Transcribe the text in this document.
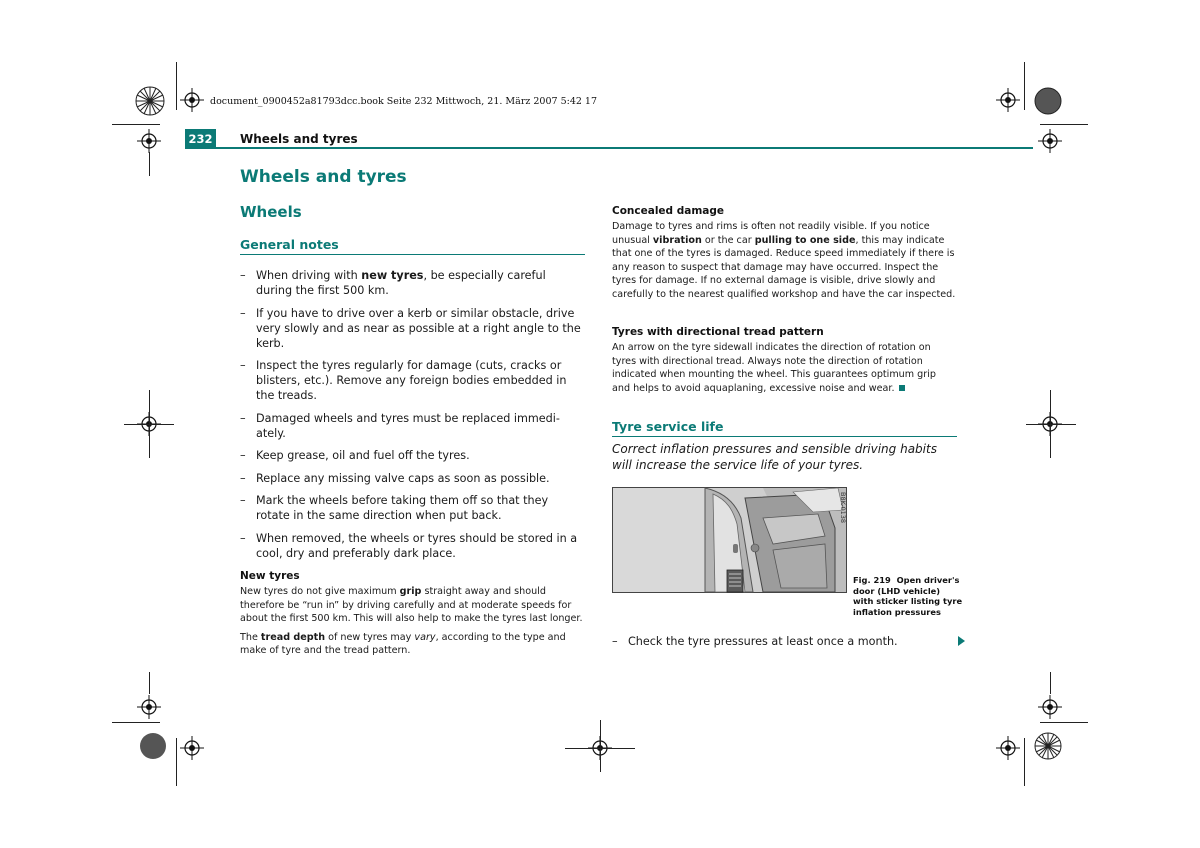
document_0900452a81793dcc.book Seite 232 Mittwoch, 21. März 2007 5:42 17
232 Wheels and tyres
Wheels and tyres
Wheels
General notes
– When driving with new tyres, be especially careful during the first 500 km.
– If you have to drive over a kerb or similar obstacle, drive very slowly and as near as possible at a right angle to the kerb.
– Inspect the tyres regularly for damage (cuts, cracks or blisters, etc.). Remove any foreign bodies embedded in the treads.
– Damaged wheels and tyres must be replaced immedi-ately.
– Keep grease, oil and fuel off the tyres.
– Replace any missing valve caps as soon as possible.
– Mark the wheels before taking them off so that they rotate in the same direction when put back.
– When removed, the wheels or tyres should be stored in a cool, dry and preferably dark place.
New tyres

New tyres do not give maximum grip straight away and should therefore be “run in” by driving carefully and at moderate speeds for about the first 500 km. This will also help to make the tyres last longer.

The tread depth of new tyres may vary, according to the type and make of tyre and the tread pattern.

Concealed damage

Damage to tyres and rims is often not readily visible. If you notice unusual vibration or the car pulling to one side, this may indicate that one of the tyres is damaged. Reduce speed immediately if there is any reason to suspect that damage may have occurred. Inspect the tyres for damage. If no external damage is visible, drive slowly and carefully to the nearest qualified workshop and have the car inspected.

Tyres with directional tread pattern

An arrow on the tyre sidewall indicates the direction of rotation on tyres with directional tread. Always note the direction of rotation indicated when mounting the wheel. This guarantees optimum grip and helps to avoid aquaplaning, excessive noise and wear.

Tyre service life
Correct inflation pressures and sensible driving habits will increase the service life of your tyres.
B8K-0138
Fig. 219 Open driver's door (LHD vehicle) with sticker listing tyre inflation pressures
– Check the tyre pressures at least once a month.
